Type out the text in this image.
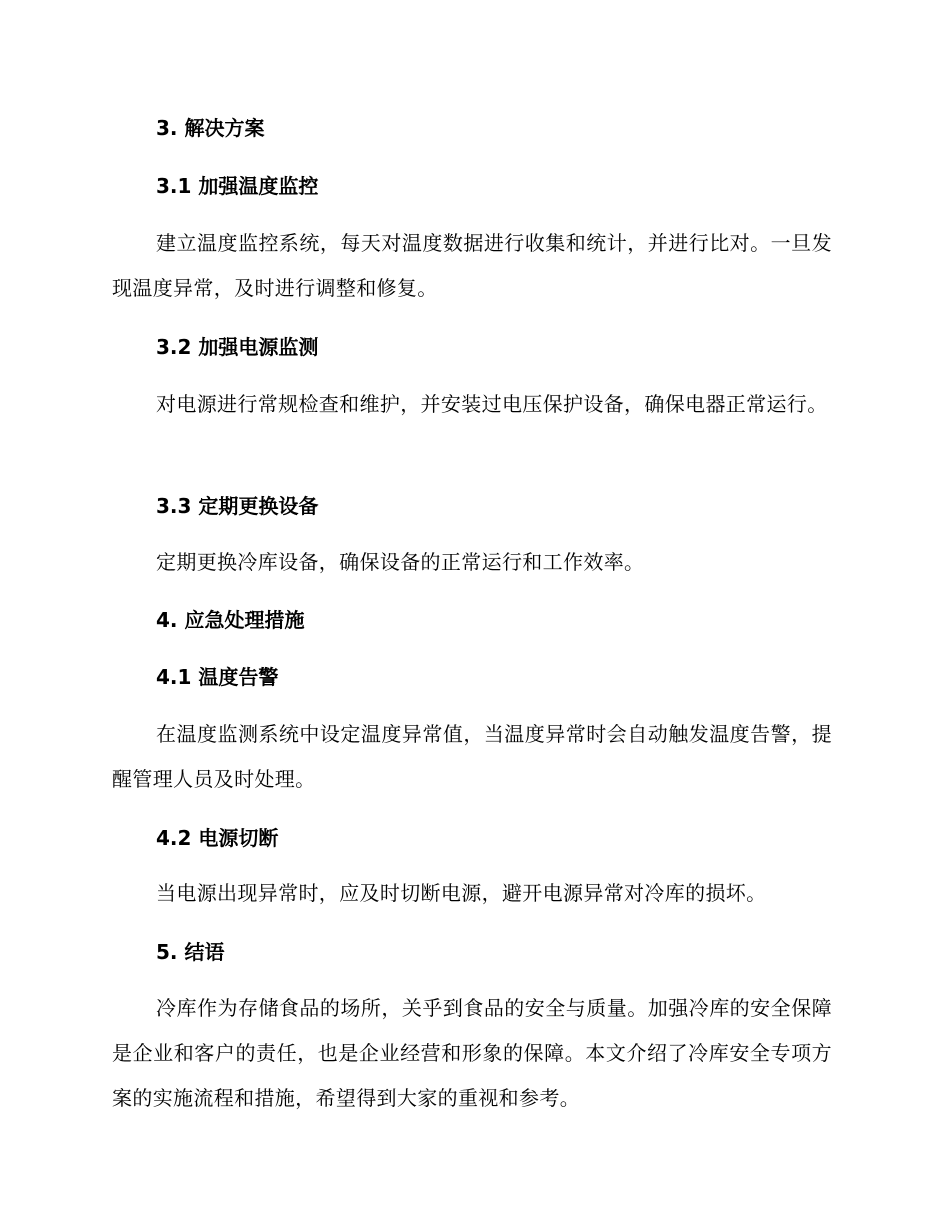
3. 解决方案
3.1 加强温度监控
建立温度监控系统，每天对温度数据进行收集和统计，并进行比对。一旦发现温度异常，及时进行调整和修复。
3.2 加强电源监测
对电源进行常规检查和维护，并安装过电压保护设备，确保电器正常运行。
3.3 定期更换设备
定期更换冷库设备，确保设备的正常运行和工作效率。
4. 应急处理措施
4.1 温度告警
在温度监测系统中设定温度异常值，当温度异常时会自动触发温度告警，提醒管理人员及时处理。
4.2 电源切断
当电源出现异常时，应及时切断电源，避开电源异常对冷库的损坏。
5. 结语
冷库作为存储食品的场所，关乎到食品的安全与质量。加强冷库的安全保障是企业和客户的责任，也是企业经营和形象的保障。本文介绍了冷库安全专项方案的实施流程和措施，希望得到大家的重视和参考。
